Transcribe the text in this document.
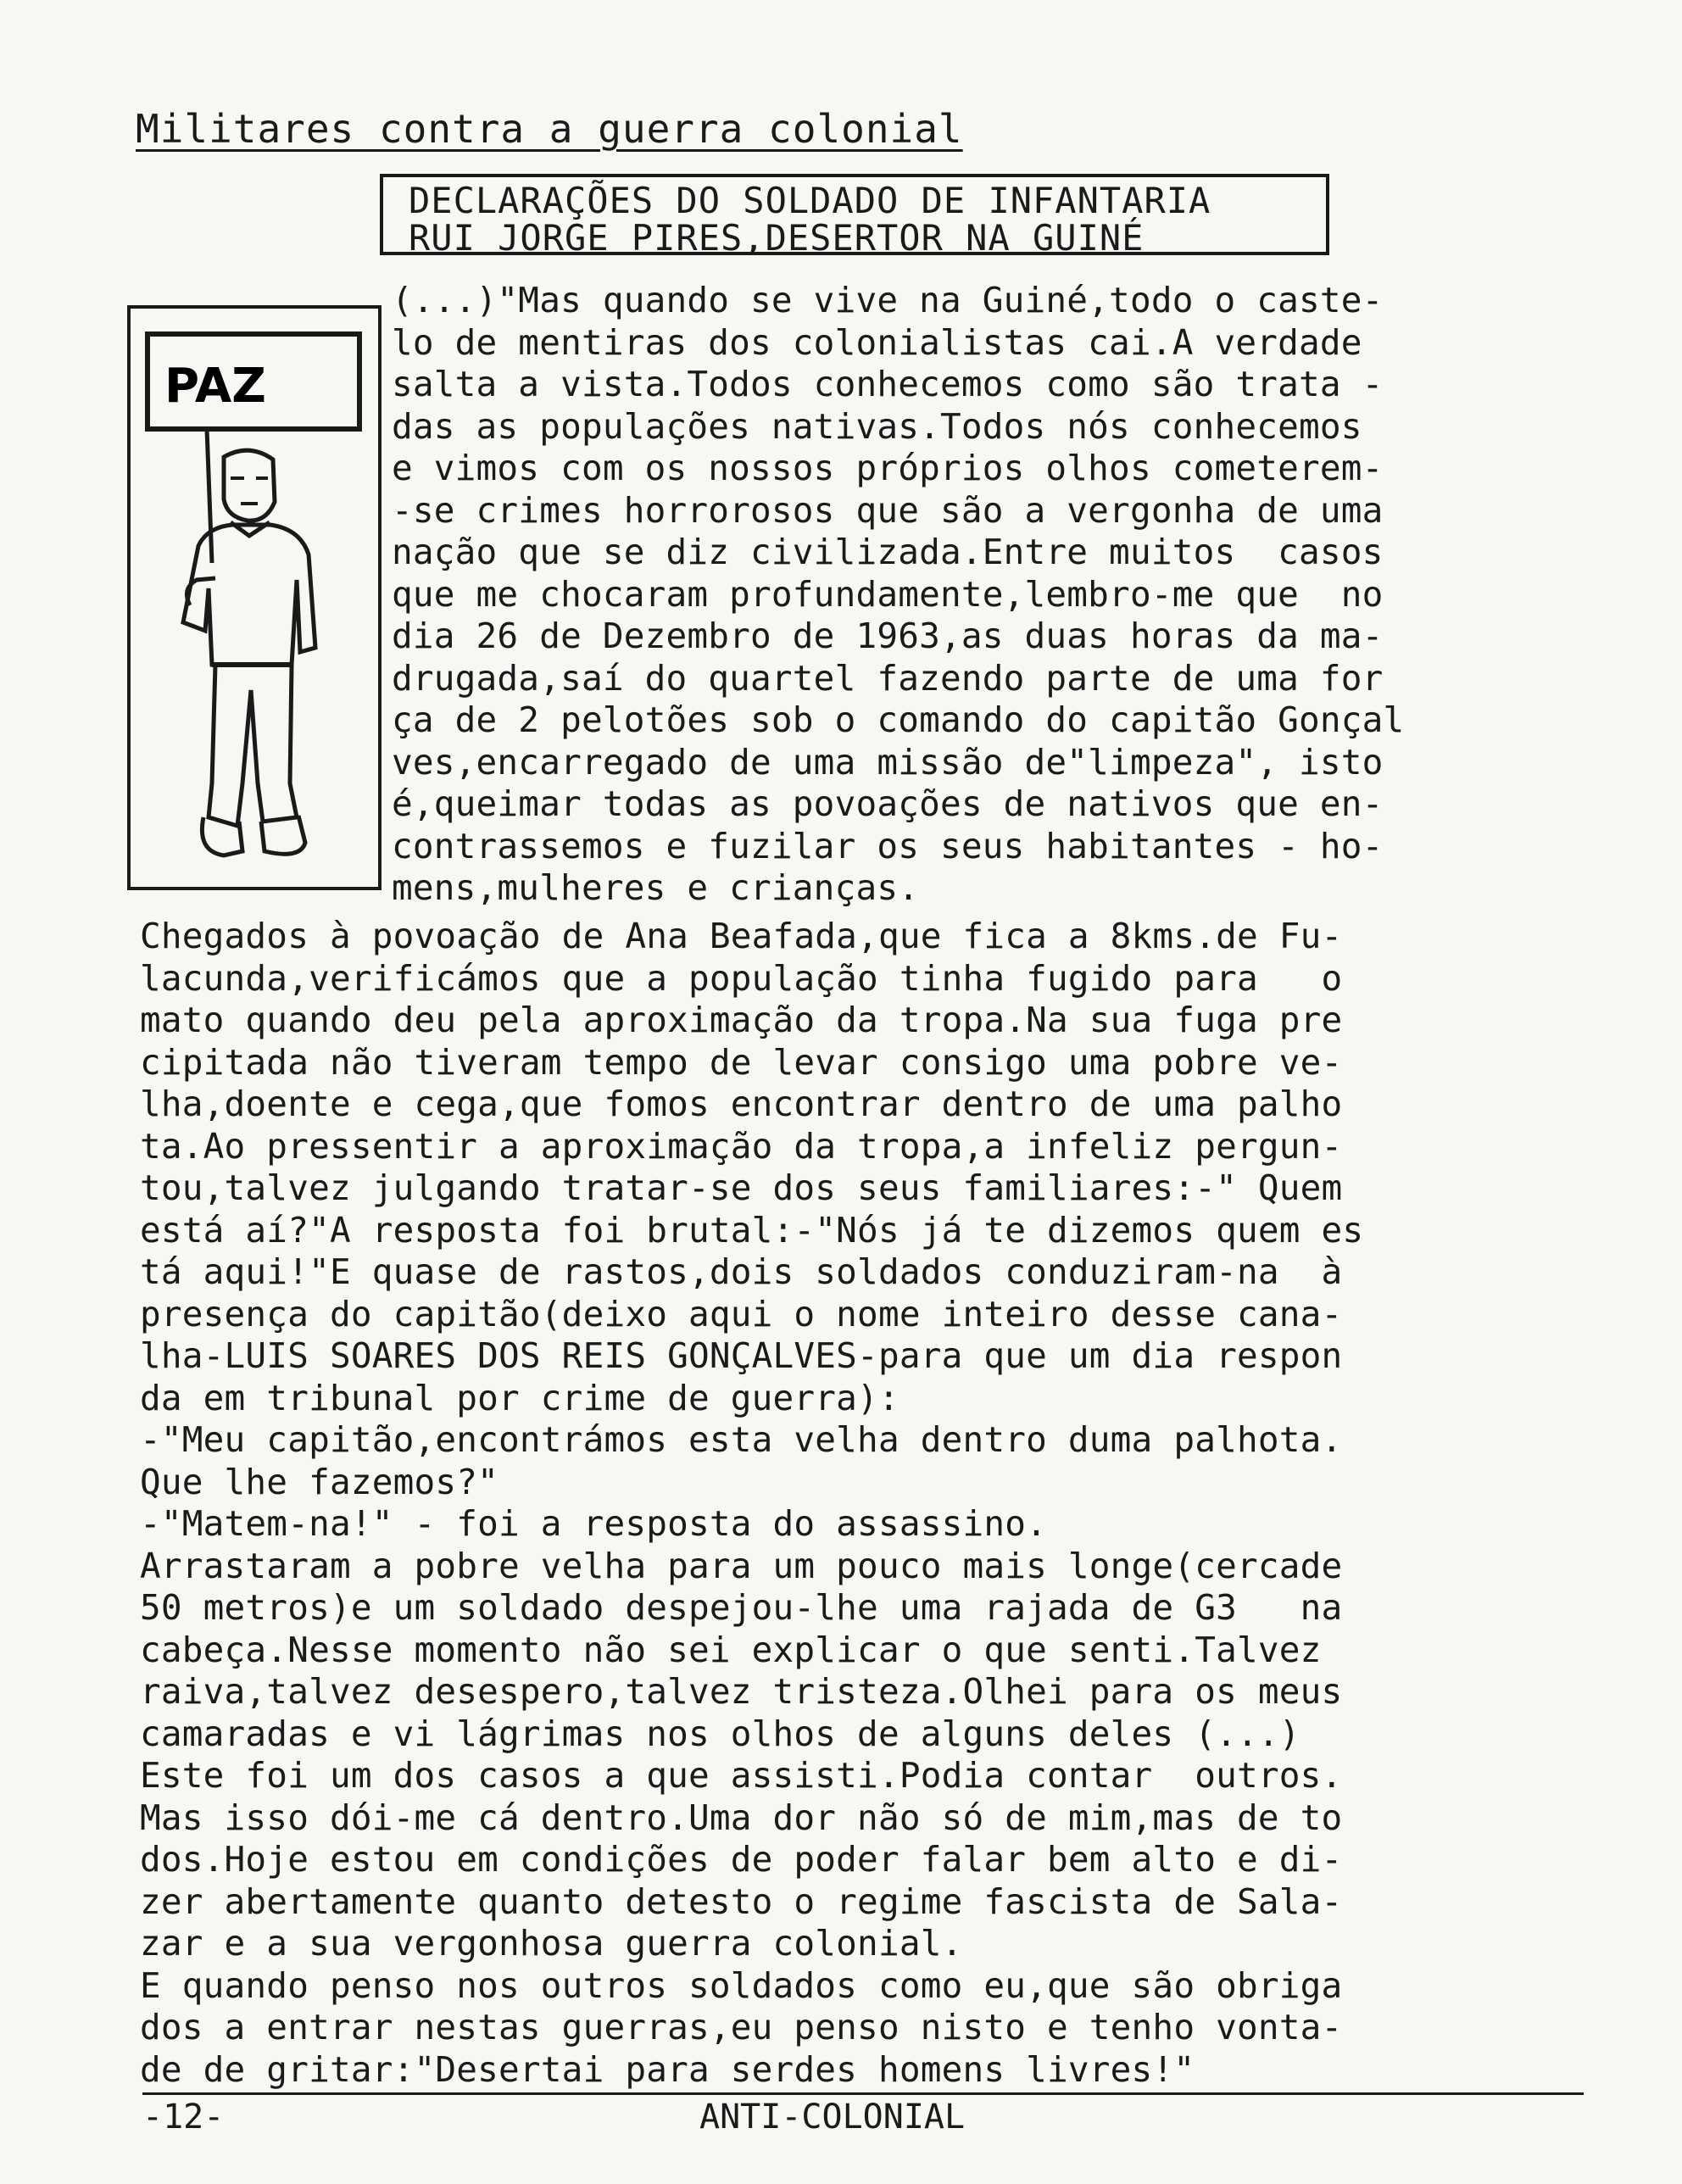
Militares contra a guerra colonial
DECLARAÇÕES DO SOLDADO DE INFANTARIA
RUI JORGE PIRES,DESERTOR NA GUINÉ
PAZ
(...)"Mas quando se vive na Guiné,todo o caste-
lo de mentiras dos colonialistas cai.A verdade
salta a vista.Todos conhecemos como são trata -
das as populações nativas.Todos nós conhecemos
e vimos com os nossos próprios olhos cometerem-
-se crimes horrorosos que são a vergonha de uma
nação que se diz civilizada.Entre muitos  casos
que me chocaram profundamente,lembro-me que  no
dia 26 de Dezembro de 1963,as duas horas da ma-
drugada,saí do quartel fazendo parte de uma for
ça de 2 pelotões sob o comando do capitão Gonçal
ves,encarregado de uma missão de"limpeza", isto
é,queimar todas as povoações de nativos que en-
contrassemos e fuzilar os seus habitantes - ho-
mens,mulheres e crianças.
Chegados à povoação de Ana Beafada,que fica a 8kms.de Fu-
lacunda,verificámos que a população tinha fugido para   o
mato quando deu pela aproximação da tropa.Na sua fuga pre
cipitada não tiveram tempo de levar consigo uma pobre ve-
lha,doente e cega,que fomos encontrar dentro de uma palho
ta.Ao pressentir a aproximação da tropa,a infeliz pergun-
tou,talvez julgando tratar-se dos seus familiares:-" Quem
está aí?"A resposta foi brutal:-"Nós já te dizemos quem es
tá aqui!"E quase de rastos,dois soldados conduziram-na  à
presença do capitão(deixo aqui o nome inteiro desse cana-
lha-LUIS SOARES DOS REIS GONÇALVES-para que um dia respon
da em tribunal por crime de guerra):
-"Meu capitão,encontrámos esta velha dentro duma palhota.
Que lhe fazemos?"
-"Matem-na!" - foi a resposta do assassino.
Arrastaram a pobre velha para um pouco mais longe(cercade
50 metros)e um soldado despejou-lhe uma rajada de G3   na
cabeça.Nesse momento não sei explicar o que senti.Talvez
raiva,talvez desespero,talvez tristeza.Olhei para os meus
camaradas e vi lágrimas nos olhos de alguns deles (...)
Este foi um dos casos a que assisti.Podia contar  outros.
Mas isso dói-me cá dentro.Uma dor não só de mim,mas de to
dos.Hoje estou em condições de poder falar bem alto e di-
zer abertamente quanto detesto o regime fascista de Sala-
zar e a sua vergonhosa guerra colonial.
E quando penso nos outros soldados como eu,que são obriga
dos a entrar nestas guerras,eu penso nisto e tenho vonta-
de de gritar:"Desertai para serdes homens livres!"
-12-	ANTI-COLONIAL
